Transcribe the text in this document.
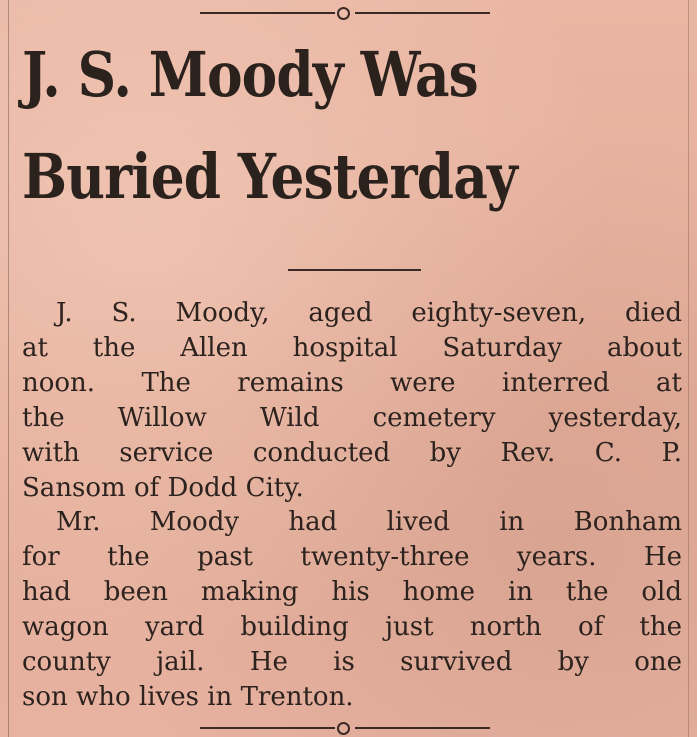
J. S. Moody Was
Buried Yesterday
J. S. Moody, aged eighty-seven, died
at the Allen hospital Saturday about
noon. The remains were interred at
the Willow Wild cemetery yesterday,
with service conducted by Rev. C. P.
Sansom of Dodd City.
Mr. Moody had lived in Bonham
for the past twenty-three years. He
had been making his home in the old
wagon yard building just north of the
county jail. He is survived by one
son who lives in Trenton.
